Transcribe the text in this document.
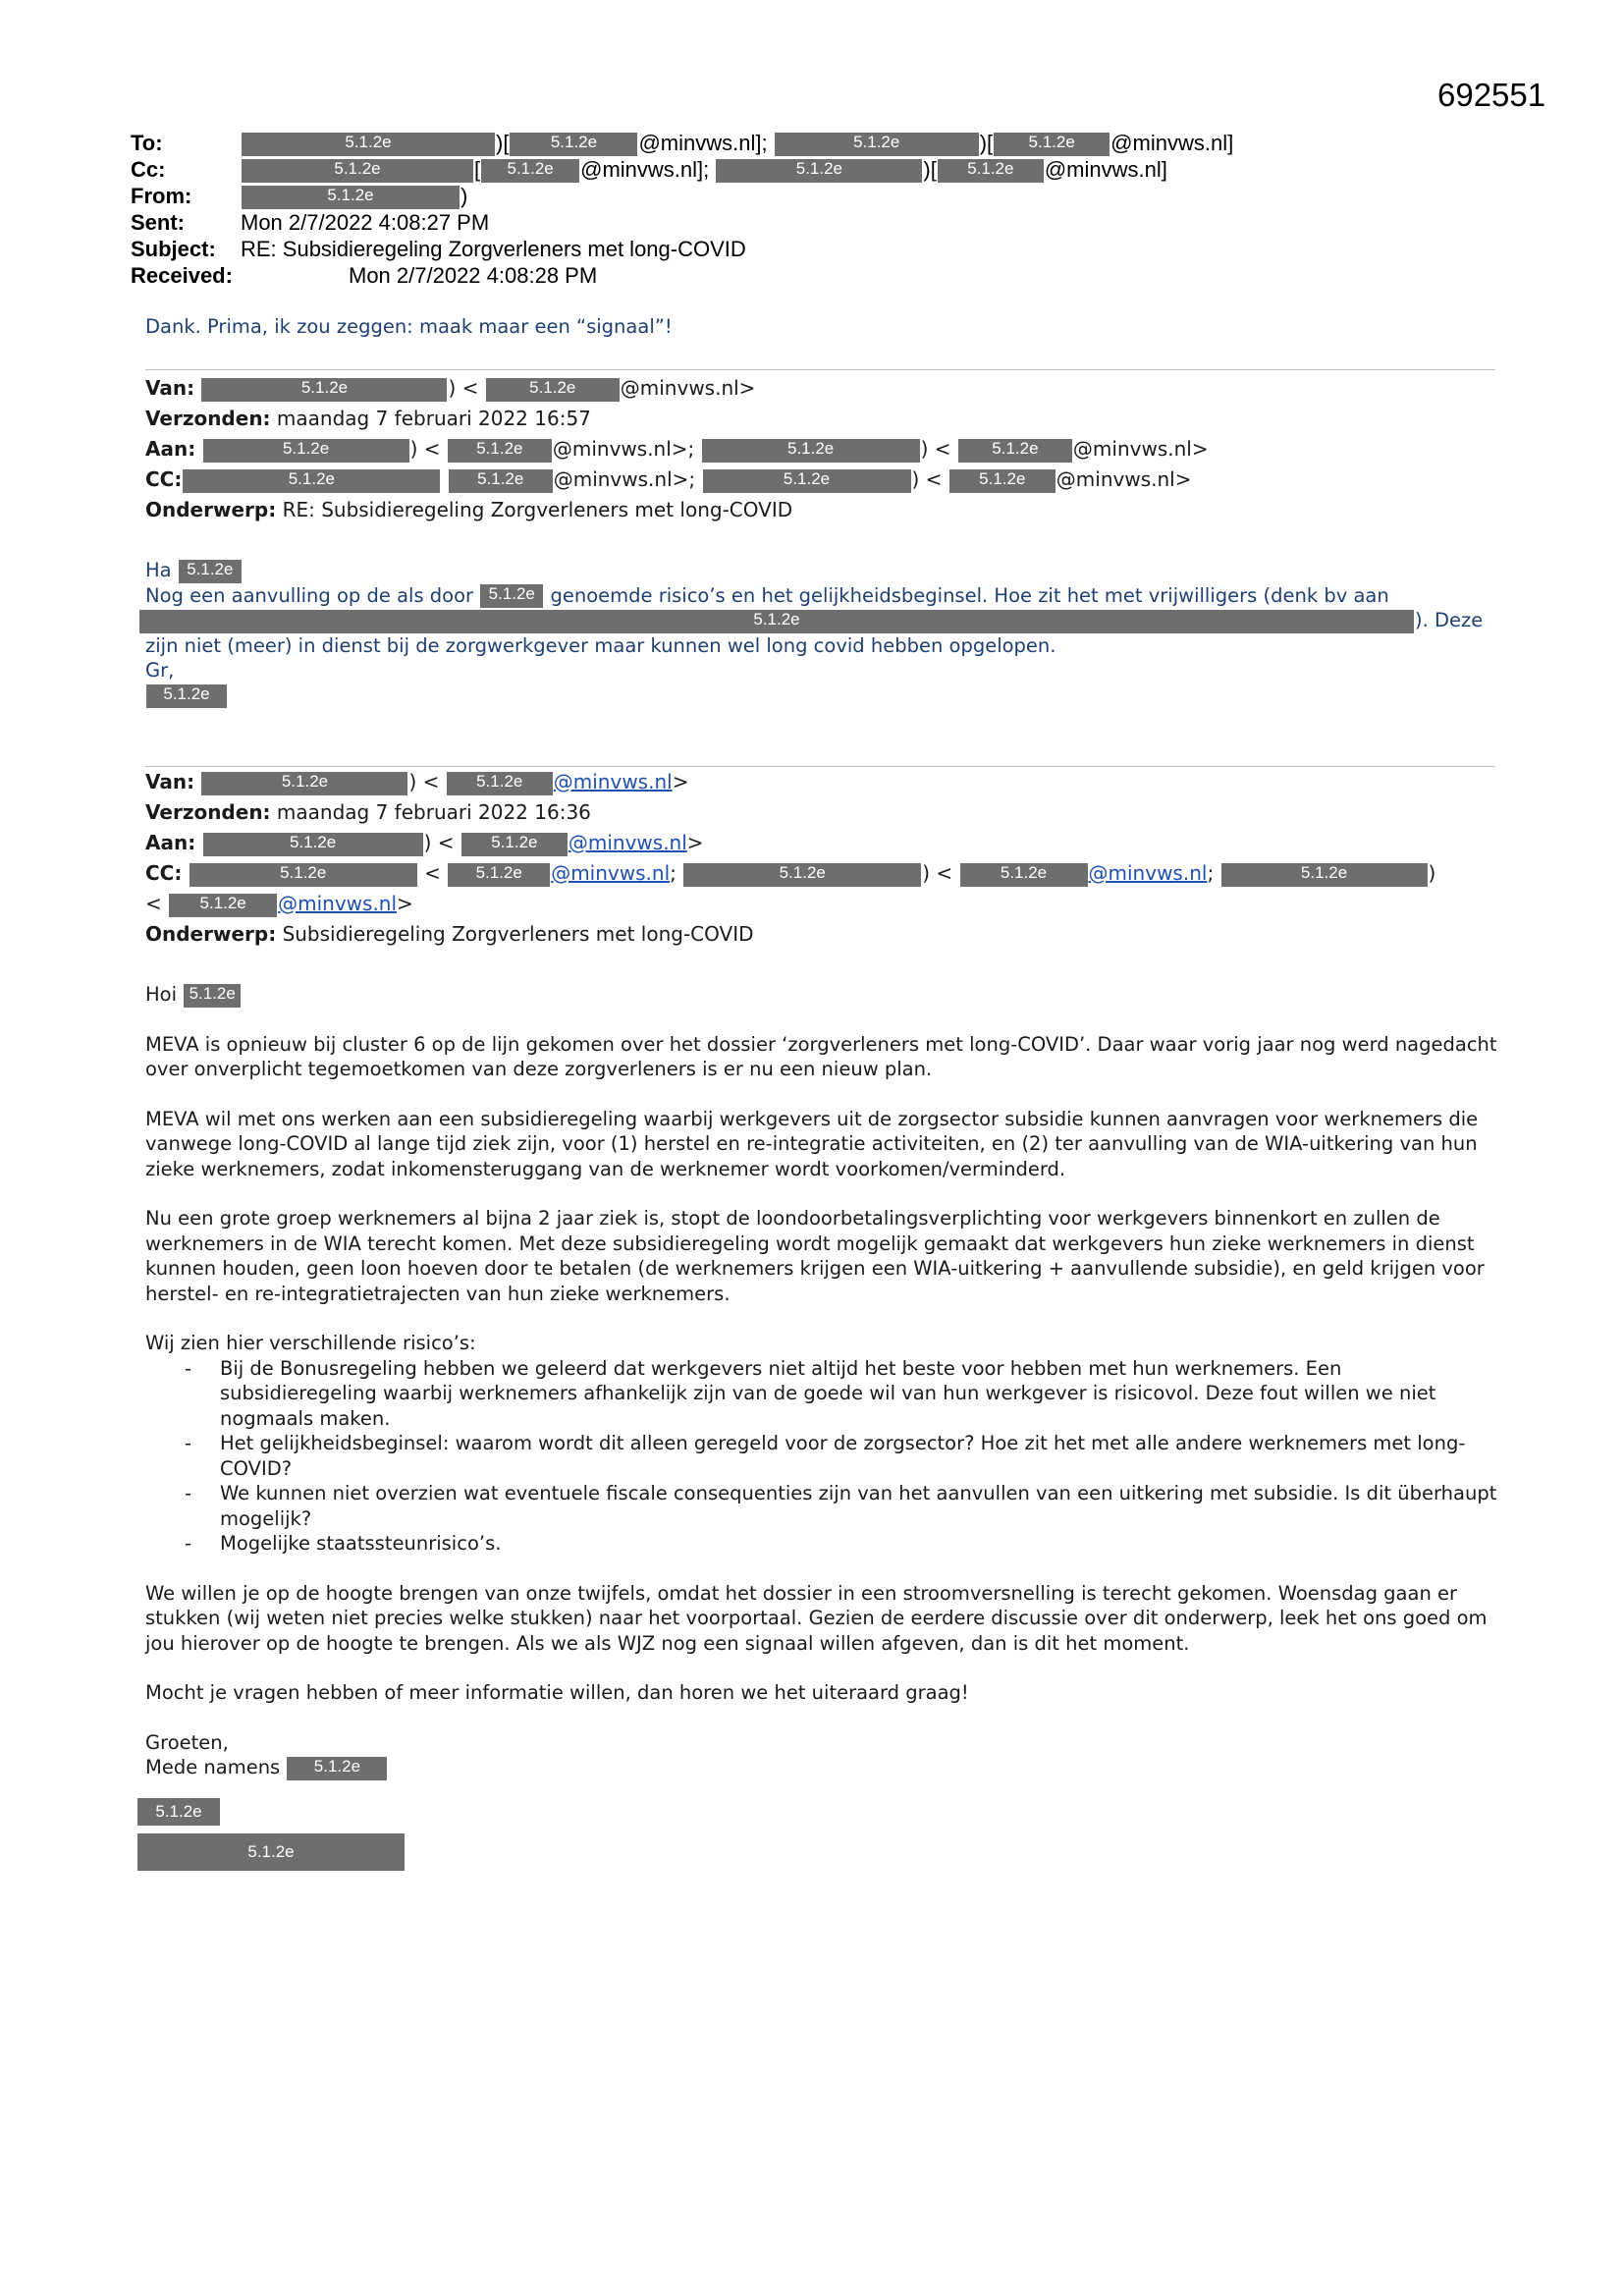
692551
To:	5.1.2e	)[ 5.1.2e @minvws.nl];	5.1.2e	)[ 5.1.2e @minvws.nl]
Cc:	5.1.2e	[ 5.1.2e @minvws.nl];	5.1.2e	)[ 5.1.2e @minvws.nl]
From:	5.1.2e	)
Sent:	Mon 2/7/2022 4:08:27 PM
Subject: RE: Subsidieregeling Zorgverleners met long-COVID
Received:	Mon 2/7/2022 4:08:28 PM

Dank. Prima, ik zou zeggen: maak maar een “signaal”!

Van:	5.1.2e	) <	5.1.2e @minvws.nl>
Verzonden: maandag 7 februari 2022 16:57
Aan:	5.1.2e	) < 5.1.2e @minvws.nl>;	5.1.2e	) < 5.1.2e @minvws.nl>
CC:	5.1.2e	5.1.2e @minvws.nl>;	5.1.2e	) < 5.1.2e @minvws.nl>
Onderwerp: RE: Subsidieregeling Zorgverleners met long-COVID

Ha 5.1.2e

Nog een aanvulling op de als door 5.1.2e genoemde risico’s en het gelijkheidsbeginsel. Hoe zit het met vrijwilligers (denk bv aan

5.1.2e	). Deze

zijn niet (meer) in dienst bij de zorgwerkgever maar kunnen wel long covid hebben opgelopen.

Gr,

5.1.2e

Van:	5.1.2e	) < 5.1.2e @minvws.nl>
Verzonden: maandag 7 februari 2022 16:36
Aan:	5.1.2e	) < 5.1.2e @minvws.nl>
CC:	5.1.2e	< 5.1.2e @minvws.nl;	5.1.2e	) < 5.1.2e @minvws.nl;	5.1.2e	)
< 5.1.2e @minvws.nl>
Onderwerp: Subsidieregeling Zorgverleners met long-COVID

Hoi 5.1.2e

MEVA is opnieuw bij cluster 6 op de lijn gekomen over het dossier ‘zorgverleners met long-COVID’. Daar waar vorig jaar nog werd nagedacht over onverplicht tegemoetkomen van deze zorgverleners is er nu een nieuw plan.

MEVA wil met ons werken aan een subsidieregeling waarbij werkgevers uit de zorgsector subsidie kunnen aanvragen voor werknemers die vanwege long-COVID al lange tijd ziek zijn, voor (1) herstel en re-integratie activiteiten, en (2) ter aanvulling van de WIA-uitkering van hun zieke werknemers, zodat inkomensteruggang van de werknemer wordt voorkomen/verminderd.

Nu een grote groep werknemers al bijna 2 jaar ziek is, stopt de loondoorbetalingsverplichting voor werkgevers binnenkort en zullen de werknemers in de WIA terecht komen. Met deze subsidieregeling wordt mogelijk gemaakt dat werkgevers hun zieke werknemers in dienst kunnen houden, geen loon hoeven door te betalen (de werknemers krijgen een WIA-uitkering + aanvullende subsidie), en geld krijgen voor herstel- en re-integratietrajecten van hun zieke werknemers.

Wij zien hier verschillende risico’s:

- Bij de Bonusregeling hebben we geleerd dat werkgevers niet altijd het beste voor hebben met hun werknemers. Een subsidieregeling waarbij werknemers afhankelijk zijn van de goede wil van hun werkgever is risicovol. Deze fout willen we niet nogmaals maken.
- Het gelijkheidsbeginsel: waarom wordt dit alleen geregeld voor de zorgsector? Hoe zit het met alle andere werknemers met long-COVID?
- We kunnen niet overzien wat eventuele fiscale consequenties zijn van het aanvullen van een uitkering met subsidie. Is dit überhaupt mogelijk?
- Mogelijke staatssteunrisico’s.

We willen je op de hoogte brengen van onze twijfels, omdat het dossier in een stroomversnelling is terecht gekomen. Woensdag gaan er stukken (wij weten niet precies welke stukken) naar het voorportaal. Gezien de eerdere discussie over dit onderwerp, leek het ons goed om jou hierover op de hoogte te brengen. Als we als WJZ nog een signaal willen afgeven, dan is dit het moment.

Mocht je vragen hebben of meer informatie willen, dan horen we het uiteraard graag!

Groeten,

Mede namens 5.1.2e

5.1.2e

5.1.2e
